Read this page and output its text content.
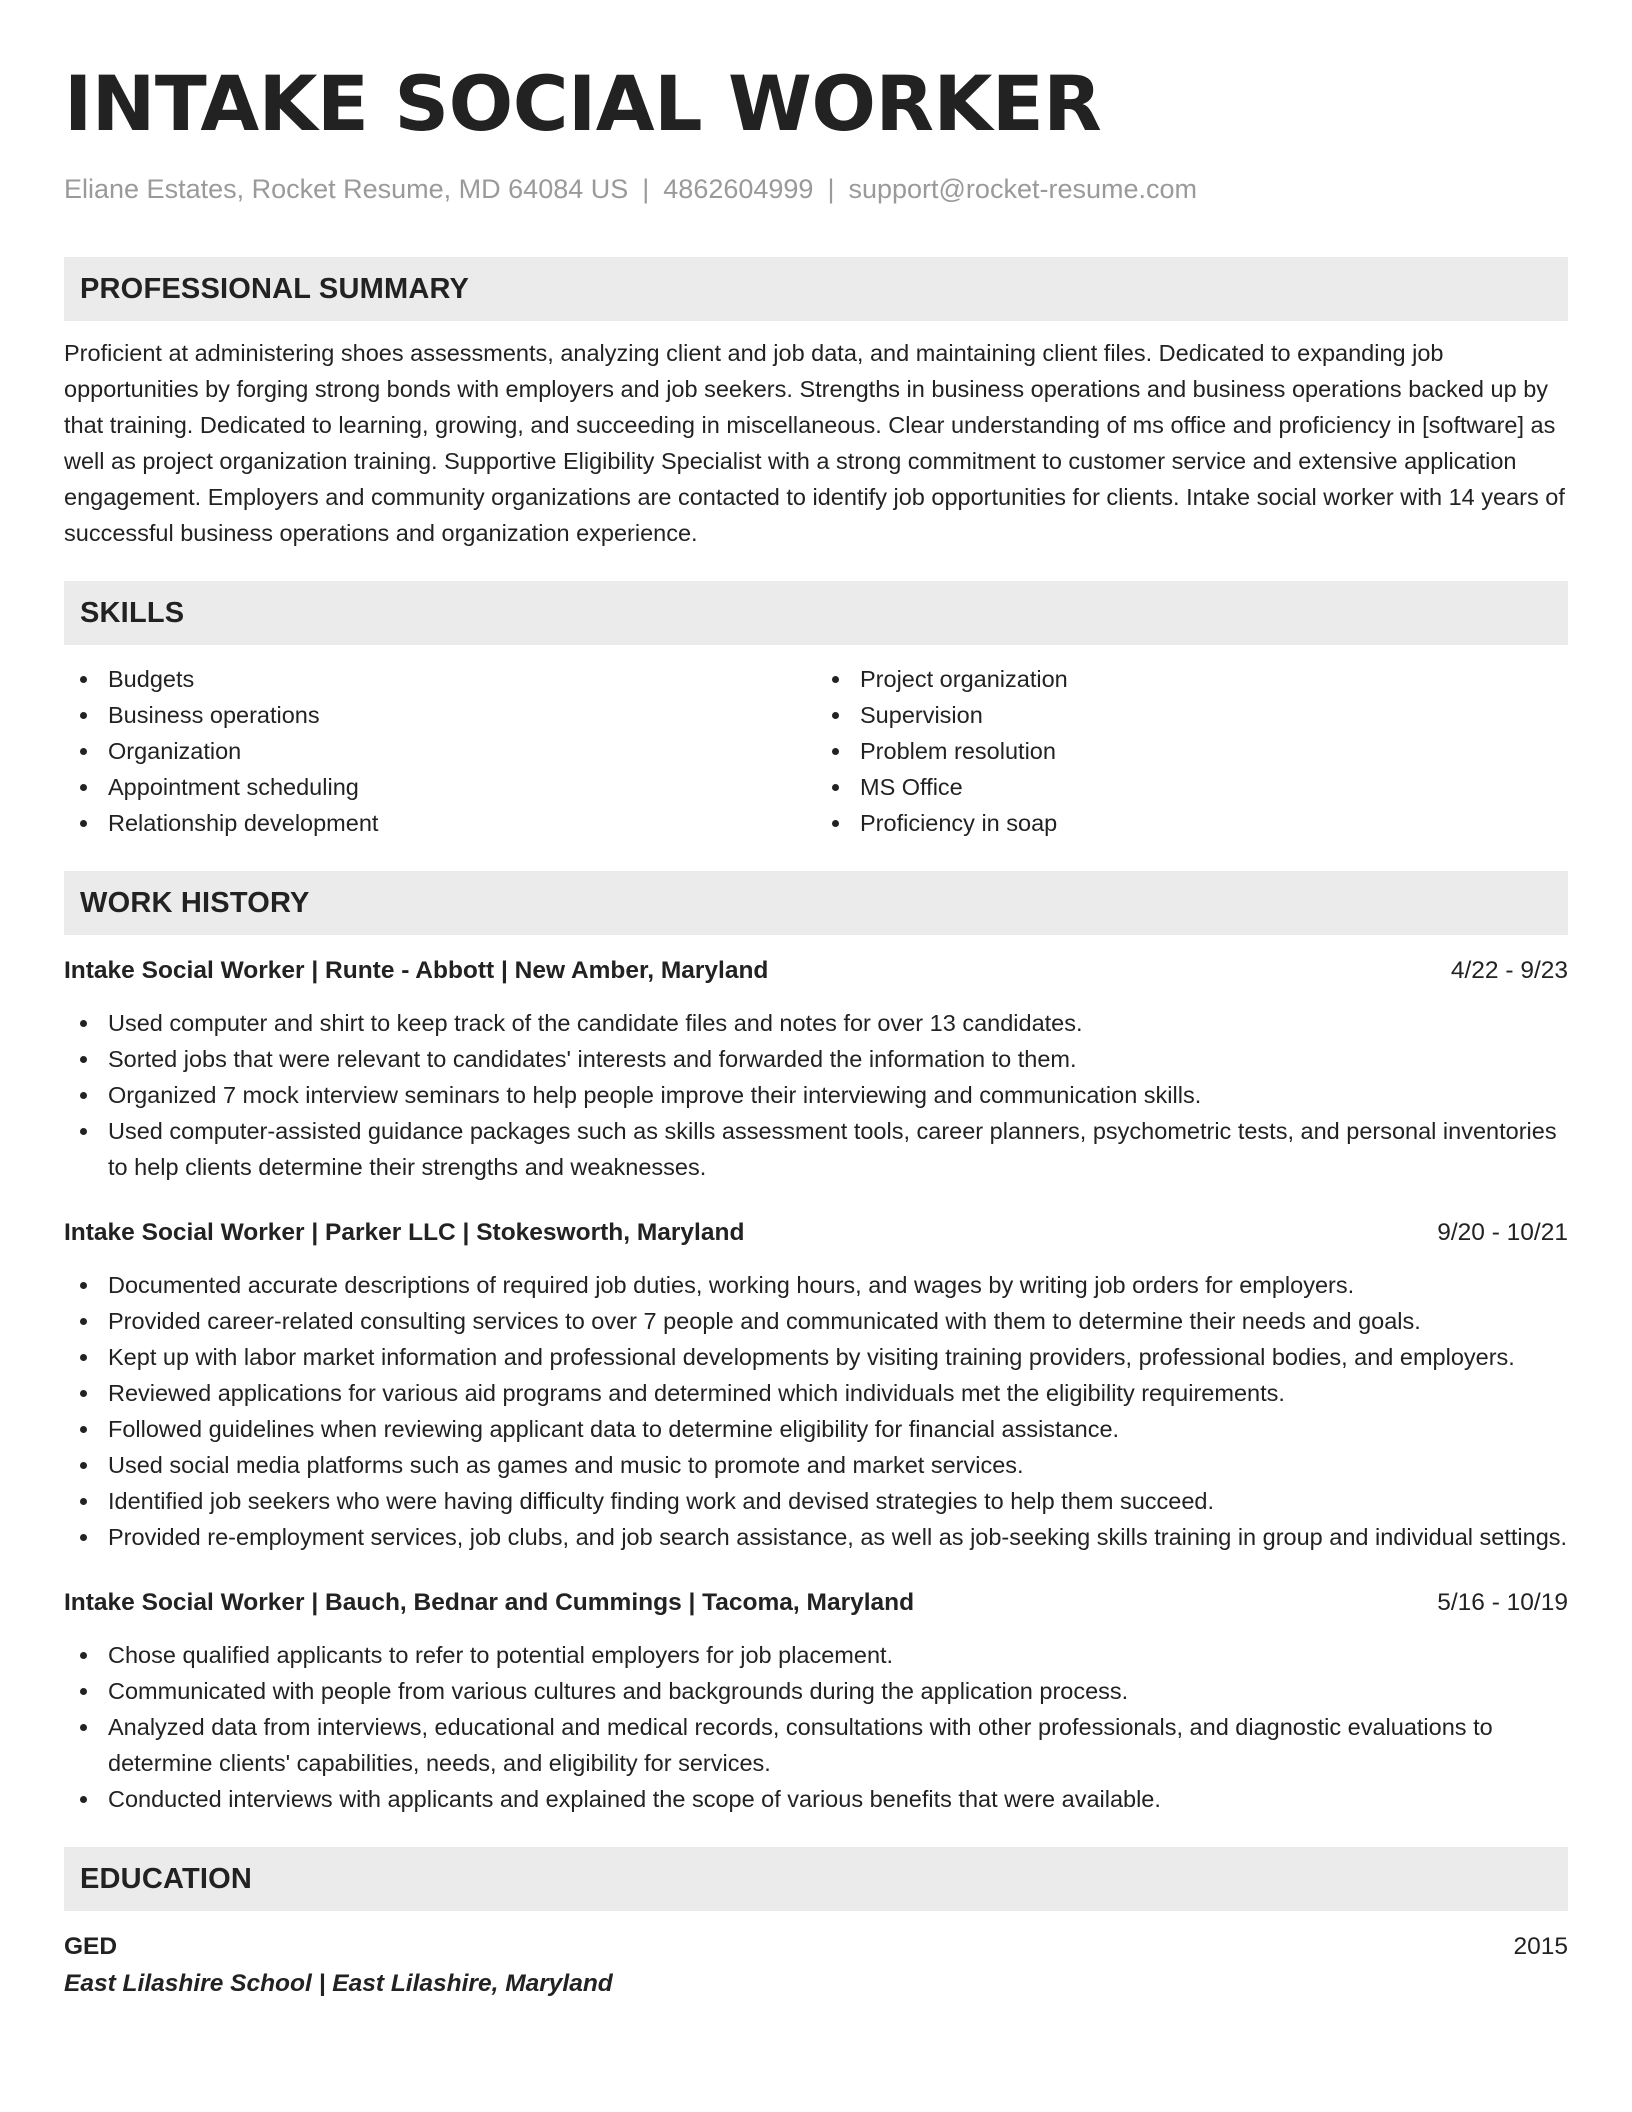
INTAKE SOCIAL WORKER
Eliane Estates, Rocket Resume, MD 64084 US | 4862604999 | support@rocket-resume.com
PROFESSIONAL SUMMARY
Proficient at administering shoes assessments, analyzing client and job data, and maintaining client files. Dedicated to expanding job opportunities by forging strong bonds with employers and job seekers. Strengths in business operations and business operations backed up by that training. Dedicated to learning, growing, and succeeding in miscellaneous. Clear understanding of ms office and proficiency in [software] as well as project organization training. Supportive Eligibility Specialist with a strong commitment to customer service and extensive application engagement. Employers and community organizations are contacted to identify job opportunities for clients. Intake social worker with 14 years of successful business operations and organization experience.
SKILLS
Budgets
Business operations
Organization
Appointment scheduling
Relationship development
Project organization
Supervision
Problem resolution
MS Office
Proficiency in soap
WORK HISTORY
Intake Social Worker | Runte - Abbott | New Amber, Maryland	4/22 - 9/23
Used computer and shirt to keep track of the candidate files and notes for over 13 candidates.
Sorted jobs that were relevant to candidates' interests and forwarded the information to them.
Organized 7 mock interview seminars to help people improve their interviewing and communication skills.
Used computer-assisted guidance packages such as skills assessment tools, career planners, psychometric tests, and personal inventories to help clients determine their strengths and weaknesses.
Intake Social Worker | Parker LLC | Stokesworth, Maryland	9/20 - 10/21
Documented accurate descriptions of required job duties, working hours, and wages by writing job orders for employers.
Provided career-related consulting services to over 7 people and communicated with them to determine their needs and goals.
Kept up with labor market information and professional developments by visiting training providers, professional bodies, and employers.
Reviewed applications for various aid programs and determined which individuals met the eligibility requirements.
Followed guidelines when reviewing applicant data to determine eligibility for financial assistance.
Used social media platforms such as games and music to promote and market services.
Identified job seekers who were having difficulty finding work and devised strategies to help them succeed.
Provided re-employment services, job clubs, and job search assistance, as well as job-seeking skills training in group and individual settings.
Intake Social Worker | Bauch, Bednar and Cummings | Tacoma, Maryland	5/16 - 10/19
Chose qualified applicants to refer to potential employers for job placement.
Communicated with people from various cultures and backgrounds during the application process.
Analyzed data from interviews, educational and medical records, consultations with other professionals, and diagnostic evaluations to determine clients' capabilities, needs, and eligibility for services.
Conducted interviews with applicants and explained the scope of various benefits that were available.
EDUCATION
GED	2015
East Lilashire School | East Lilashire, Maryland
